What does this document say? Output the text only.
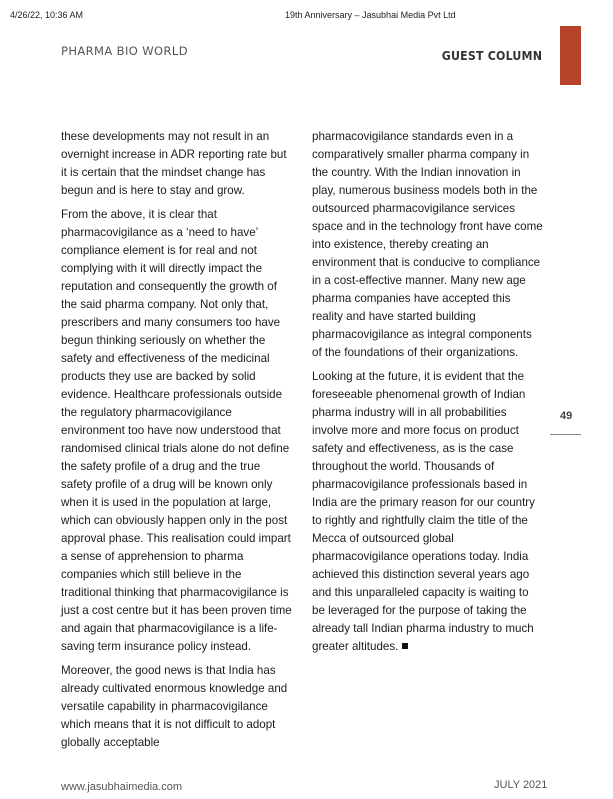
4/26/22, 10:36 AM	19th Anniversary – Jasubhai Media Pvt Ltd
PHARMA BIO WORLD	GUEST COLUMN
49

these developments may not result in an overnight increase in ADR reporting rate but it is certain that the mindset change has begun and is here to stay and grow.

From the above, it is clear that pharmacovigilance as a ‘need to have’ compliance element is for real and not complying with it will directly impact the reputation and consequently the growth of the said pharma company. Not only that, prescribers and many consumers too have begun thinking seriously on whether the safety and effectiveness of the medicinal products they use are backed by solid evidence. Healthcare professionals outside the regulatory pharmacovigilance environment too have now understood that randomised clinical trials alone do not define the safety profile of a drug and the true safety profile of a drug will be known only when it is used in the population at large, which can obviously happen only in the post approval phase. This realisation could impart a sense of apprehension to pharma companies which still believe in the traditional thinking that pharmacovigilance is just a cost centre but it has been proven time and again that pharmacovigilance is a life-saving term insurance policy instead.

Moreover, the good news is that India has already cultivated enormous knowledge and versatile capability in pharmacovigilance which means that it is not difficult to adopt globally acceptable

pharmacovigilance standards even in a comparatively smaller pharma company in the country. With the Indian innovation in play, numerous business models both in the outsourced pharmacovigilance services space and in the technology front have come into existence, thereby creating an environment that is conducive to compliance in a cost-effective manner. Many new age pharma companies have accepted this reality and have started building pharmacovigilance as integral components of the foundations of their organizations.

Looking at the future, it is evident that the foreseeable phenomenal growth of Indian pharma industry will in all probabilities involve more and more focus on product safety and effectiveness, as is the case throughout the world. Thousands of pharmacovigilance professionals based in India are the primary reason for our country to rightly and rightfully claim the title of the Mecca of outsourced global pharmacovigilance operations today. India achieved this distinction several years ago and this unparalleled capacity is waiting to be leveraged for the purpose of taking the already tall Indian pharma industry to much greater altitudes.

www.jasubhaimedia.com	JULY 2021
